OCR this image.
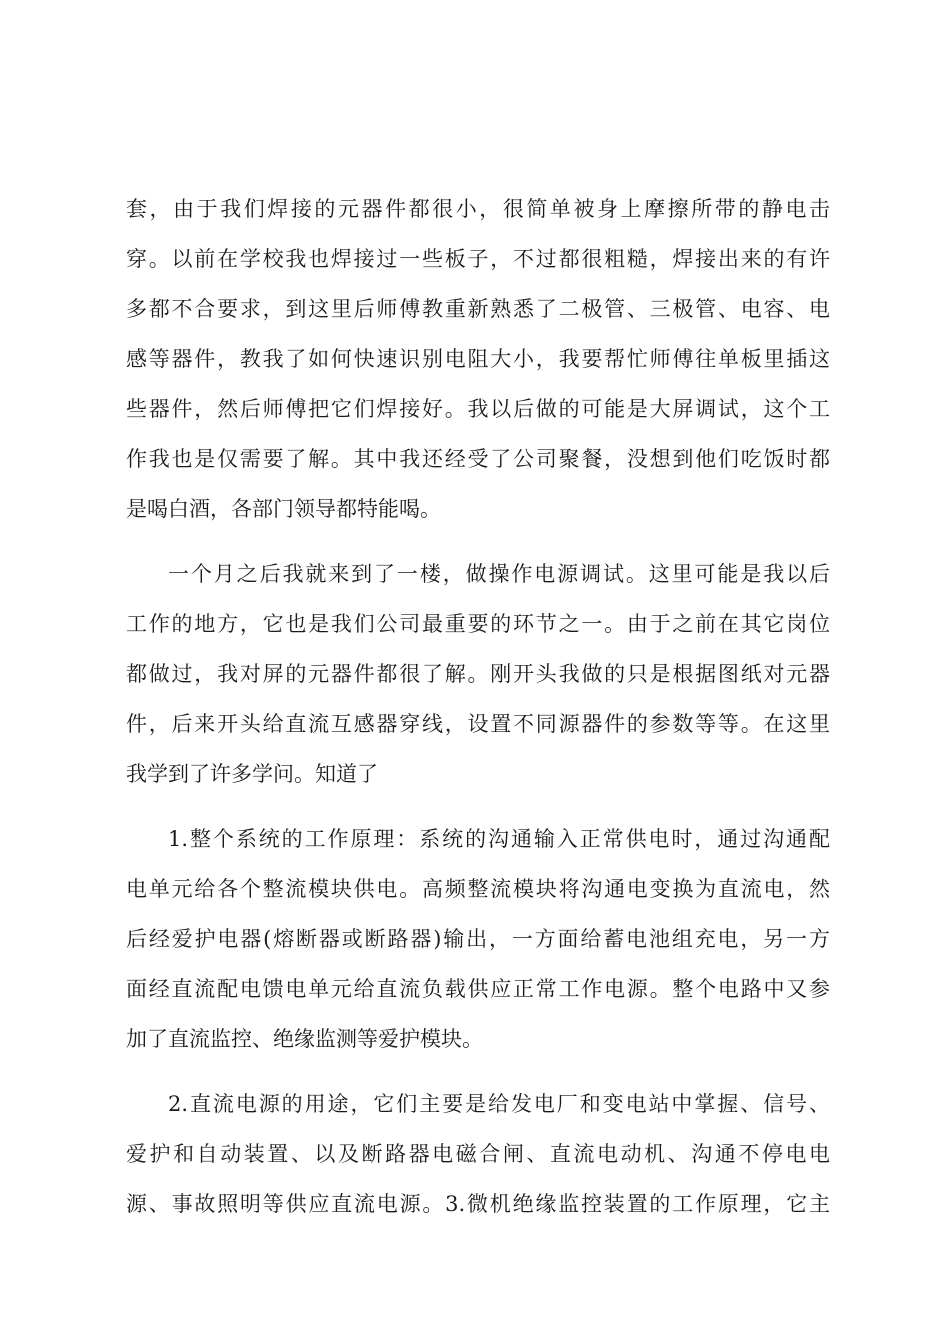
套，由于我们焊接的元器件都很小，很简单被身上摩擦所带的静电击
穿。以前在学校我也焊接过一些板子，不过都很粗糙，焊接出来的有许
多都不合要求，到这里后师傅教重新熟悉了二极管、三极管、电容、电
感等器件，教我了如何快速识别电阻大小，我要帮忙师傅往单板里插这
些器件，然后师傅把它们焊接好。我以后做的可能是大屏调试，这个工
作我也是仅需要了解。其中我还经受了公司聚餐，没想到他们吃饭时都
是喝白酒，各部门领导都特能喝。
一个月之后我就来到了一楼，做操作电源调试。这里可能是我以后
工作的地方，它也是我们公司最重要的环节之一。由于之前在其它岗位
都做过，我对屏的元器件都很了解。刚开头我做的只是根据图纸对元器
件，后来开头给直流互感器穿线，设置不同源器件的参数等等。在这里
我学到了许多学问。知道了
1.整个系统的工作原理：系统的沟通输入正常供电时，通过沟通配
电单元给各个整流模块供电。高频整流模块将沟通电变换为直流电，然
后经爱护电器(熔断器或断路器)输出，一方面给蓄电池组充电，另一方
面经直流配电馈电单元给直流负载供应正常工作电源。整个电路中又参
加了直流监控、绝缘监测等爱护模块。
2.直流电源的用途，它们主要是给发电厂和变电站中掌握、信号、
爱护和自动装置、以及断路器电磁合闸、直流电动机、沟通不停电电
源、事故照明等供应直流电源。3.微机绝缘监控装置的工作原理，它主
